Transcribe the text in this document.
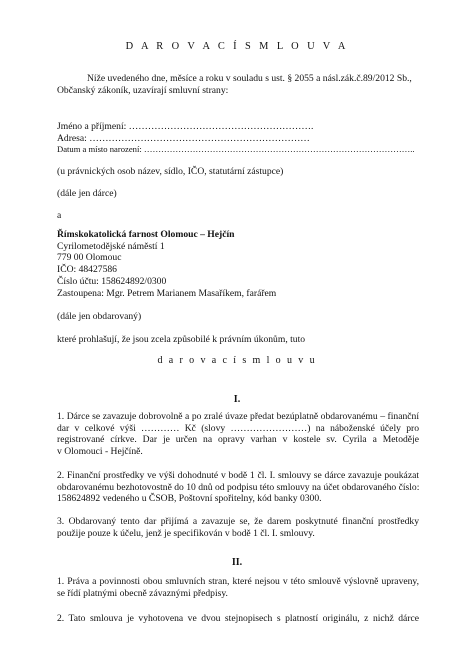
D A R O V A C Í S M L O U V A
Níže uvedeného dne, měsíce a roku v souladu s ust. § 2055 a násl.zák.č.89/2012 Sb.,
Občanský zákoník, uzavírají smluvní strany:
Jméno a příjmení: ………………………………………………….
Adresa: ……………………………………………………………
Datum a místo narození: …………………………………………………………………………………..
(u právnických osob název, sídlo, IČO, statutární zástupce)
(dále jen dárce)
a
Římskokatolická farnost Olomouc – Hejčín
Cyrilometodějské náměstí 1
779 00 Olomouc
IČO: 48427586
Číslo účtu: 158624892/0300
Zastoupena: Mgr. Petrem Marianem Masaříkem, farářem
(dále jen obdarovaný)
které prohlašují, že jsou zcela způsobilé k právním úkonům, tuto
d a r o v a c í s m l o u v u
I.
1. Dárce se zavazuje dobrovolně a po zralé úvaze předat bezúplatně obdarovanému – finanční
dar v celkové výši ………… Kč (slovy ……………………) na náboženské účely pro
registrované církve. Dar je určen na opravy varhan v kostele sv. Cyrila a Metoděje
v Olomouci - Hejčíně.
2. Finanční prostředky ve výši dohodnuté v bodě 1 čl. I. smlouvy se dárce zavazuje poukázat
obdarovanému bezhotovostně do 10 dnů od podpisu této smlouvy na účet obdarovaného číslo:
158624892 vedeného u ČSOB, Poštovní spořitelny, kód banky 0300.
3. Obdarovaný tento dar přijímá a zavazuje se, že darem poskytnuté finanční prostředky
použije pouze k účelu, jenž je specifikován v bodě 1 čl. I. smlouvy.
II.
1. Práva a povinnosti obou smluvních stran, které nejsou v této smlouvě výslovně upraveny,
se řídí platnými obecně závaznými předpisy.
2. Tato smlouva je vyhotovena ve dvou stejnopisech s platností originálu, z nichž dárce
